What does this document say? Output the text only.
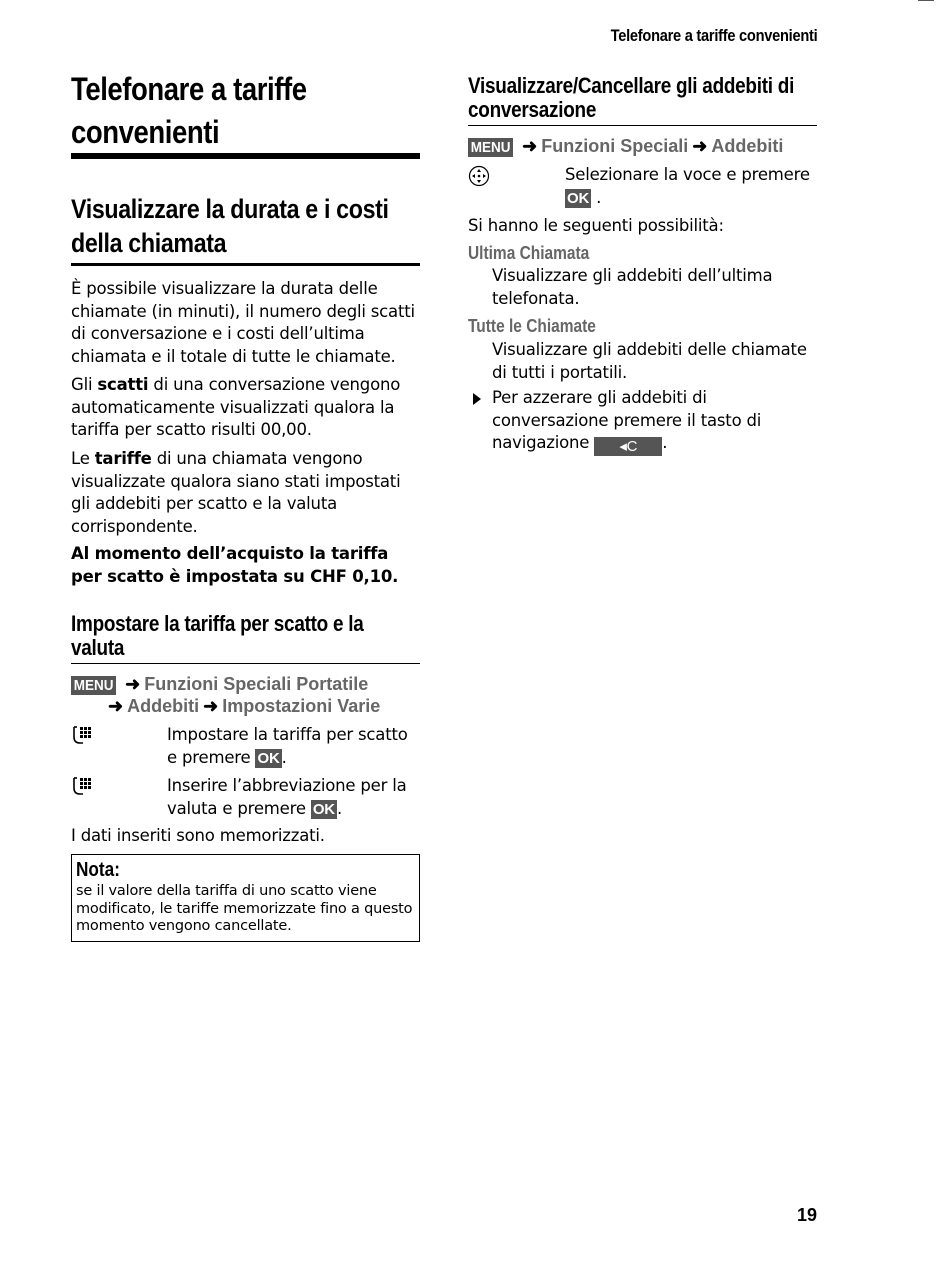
Telefonare a tariffe convenienti
Telefonare a tariffe
convenienti
Visualizzare la durata e i costi
della chiamata
È possibile visualizzare la durata delle chiamate (in minuti), il numero degli scatti di conversazione e i costi dell’ultima chiamata e il totale di tutte le chiamate.
Gli scatti di una conversazione vengono automaticamente visualizzati qualora la tariffa per scatto risulti 00,00.
Le tariffe di una chiamata vengono visualizzate qualora siano stati impostati gli addebiti per scatto e la valuta corrispondente.
Al momento dell’acquisto la tariffa per scatto è impostata su CHF 0,10.
Impostare la tariffa per scatto e la
valuta
MENU ➜ Funzioni Speciali Portatile
➜ Addebiti ➜ Impostazioni Varie
Impostare la tariffa per scatto
e premere OK .
Inserire l’abbreviazione per la
valuta e premere OK .
I dati inseriti sono memorizzati.
Nota:
se il valore della tariffa di uno scatto viene modificato, le tariffe memorizzate fino a questo momento vengono cancellate.
Visualizzare/Cancellare gli addebiti di
conversazione
MENU ➜ Funzioni Speciali ➜ Addebiti
Selezionare la voce e premere
OK .
Si hanno le seguenti possibilità:
Ultima Chiamata
Visualizzare gli addebiti dell’ultima telefonata.
Tutte le Chiamate
Visualizzare gli addebiti delle chiamate di tutti i portatili.
Per azzerare gli addebiti di
conversazione premere il tasto di
navigazione ◂C .
19
